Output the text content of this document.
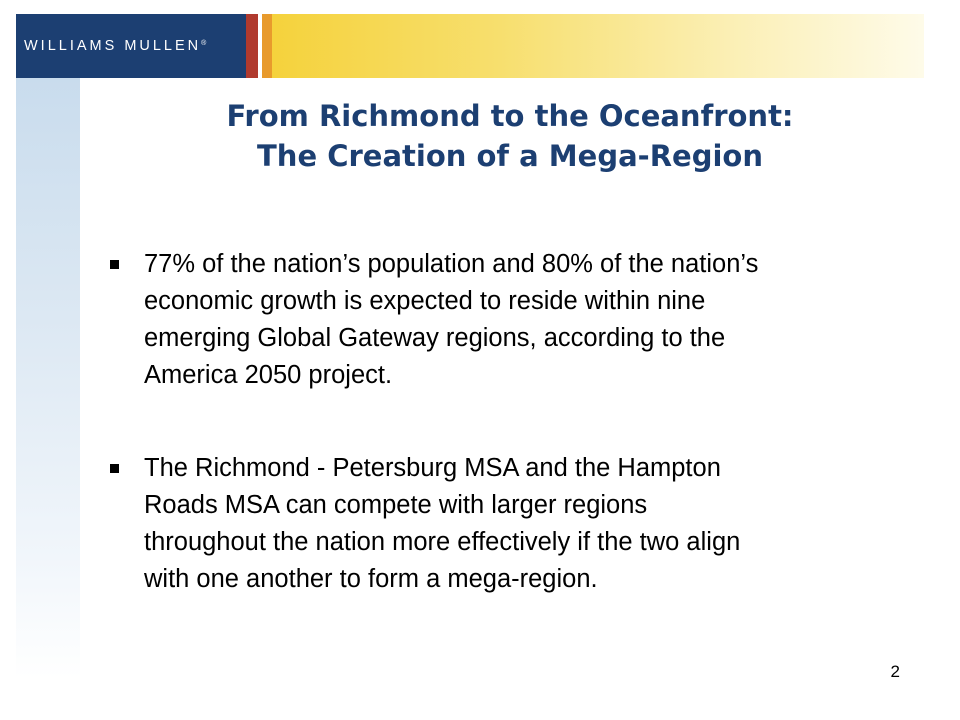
WILLIAMS MULLEN®
From Richmond to the Oceanfront:
The Creation of a Mega-Region
77% of the nation’s population and 80% of the nation’s
economic growth is expected to reside within nine
emerging Global Gateway regions, according to the
America 2050 project.
The Richmond - Petersburg MSA and the Hampton
Roads MSA can compete with larger regions
throughout the nation more effectively if the two align
with one another to form a mega-region.
2
